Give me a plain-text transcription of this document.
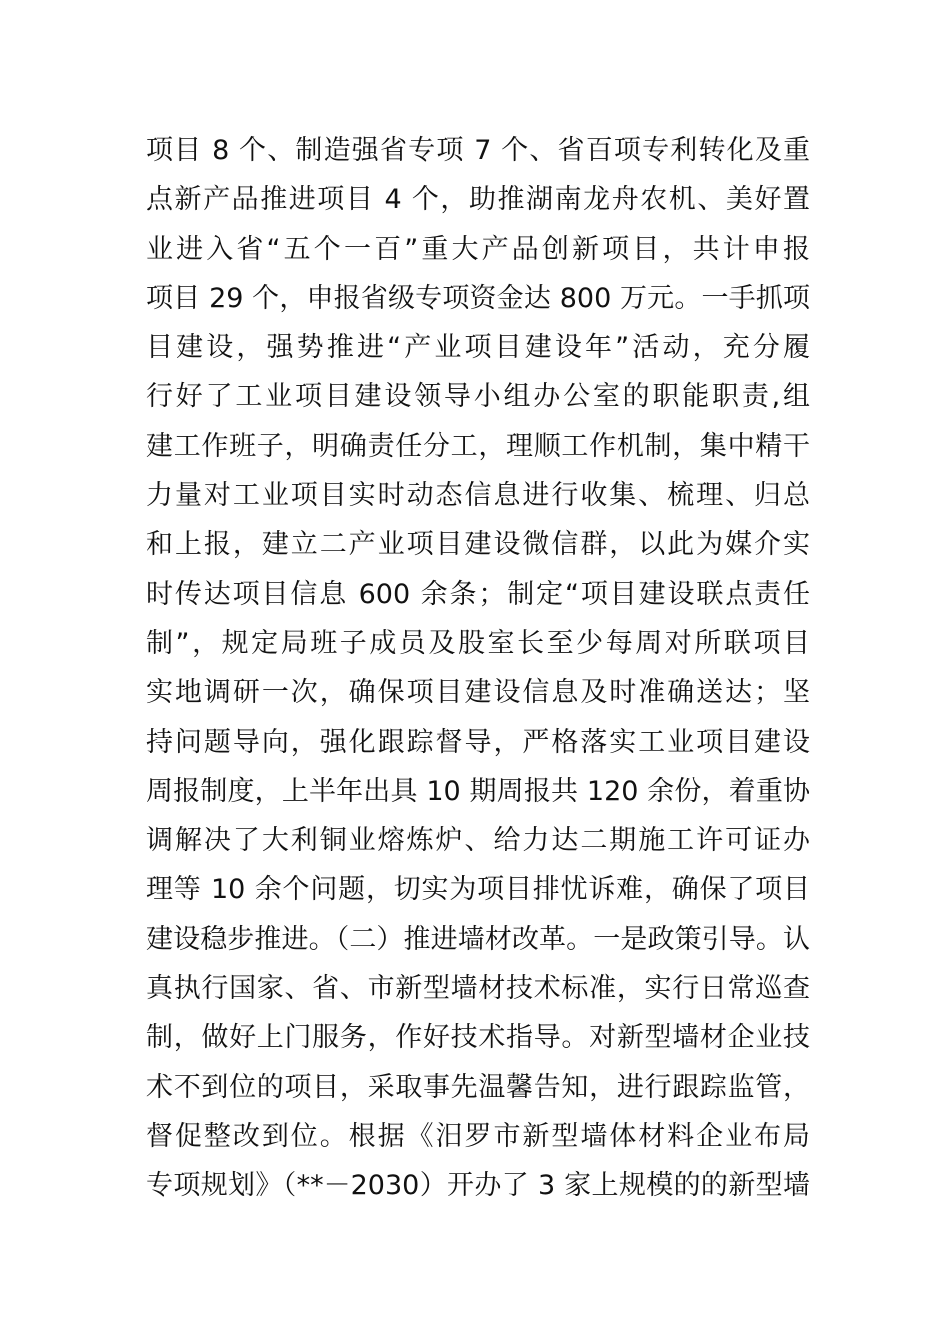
项目 8 个、制造强省专项 7 个、省百项专利转化及重
点新产品推进项目 4 个，助推湖南龙舟农机、美好置
业进入省“五个一百”重大产品创新项目，共计申报
项目 29 个，申报省级专项资金达 800 万元。一手抓项
目建设，强势推进“产业项目建设年”活动，充分履
行好了工业项目建设领导小组办公室的职能职责,组
建工作班子，明确责任分工，理顺工作机制，集中精干
力量对工业项目实时动态信息进行收集、梳理、归总
和上报，建立二产业项目建设微信群，以此为媒介实
时传达项目信息 600 余条；制定“项目建设联点责任
制”，规定局班子成员及股室长至少每周对所联项目
实地调研一次，确保项目建设信息及时准确送达；坚
持问题导向，强化跟踪督导，严格落实工业项目建设
周报制度，上半年出具 10 期周报共 120 余份，着重协
调解决了大利铜业熔炼炉、给力达二期施工许可证办
理等 10 余个问题，切实为项目排忧诉难，确保了项目
建设稳步推进。（二）推进墙材改革。一是政策引导。认
真执行国家、省、市新型墙材技术标准，实行日常巡查
制，做好上门服务，作好技术指导。对新型墙材企业技
术不到位的项目，采取事先温馨告知，进行跟踪监管，
督促整改到位。根据《汨罗市新型墙体材料企业布局
专项规划》（**－2030）开办了 3 家上规模的的新型墙
